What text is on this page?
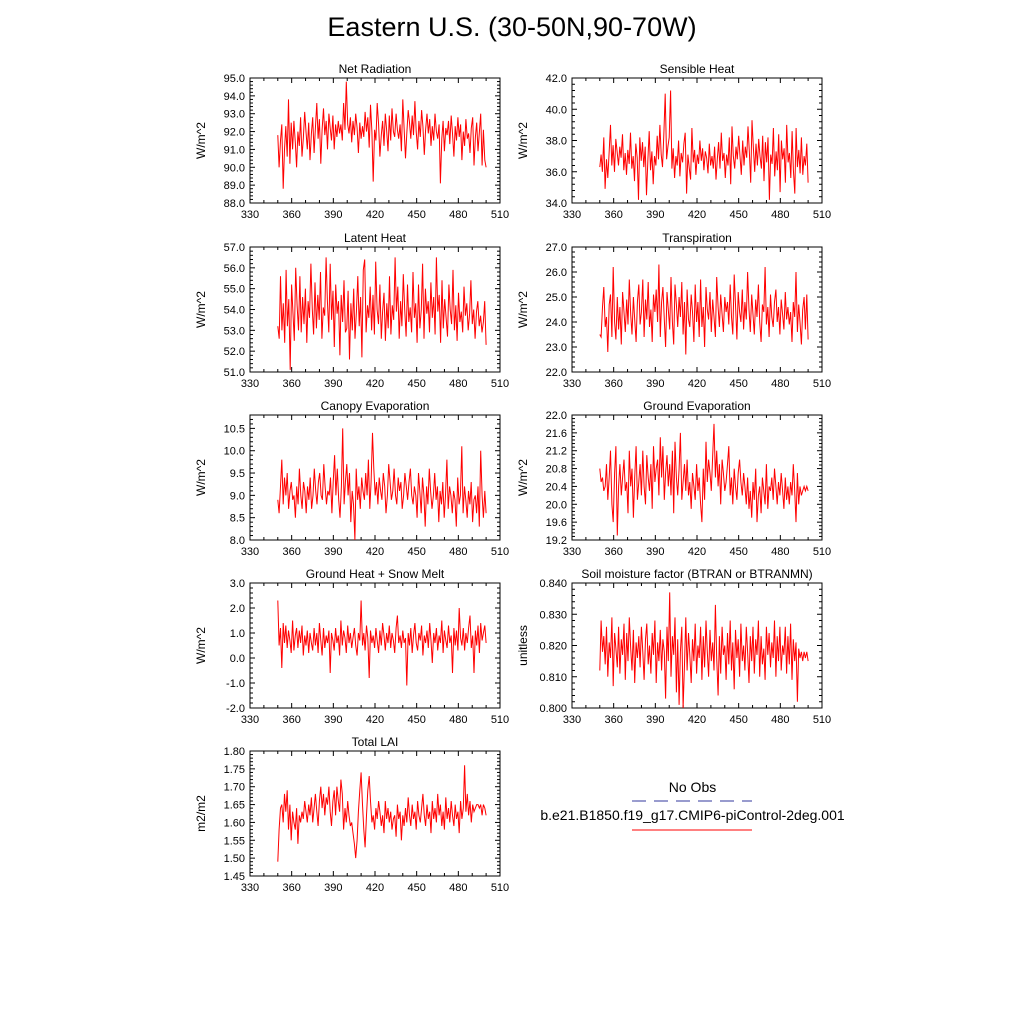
Eastern U.S. (30-50N,90-70W)
Net Radiation
330 360 390 420 450 480 510
88.0
89.0
90.0
91.0
92.0
93.0
94.0
95.0
W/m^2
Sensible Heat
330 360 390 420 450 480 510
34.0
36.0
38.0
40.0
42.0
W/m^2
Latent Heat
330 360 390 420 450 480 510
51.0
52.0
53.0
54.0
55.0
56.0
57.0
W/m^2
Transpiration
330 360 390 420 450 480 510
22.0
23.0
24.0
25.0
26.0
27.0
W/m^2
Canopy Evaporation
330 360 390 420 450 480 510
8.0
8.5
9.0
9.5
10.0
10.5
W/m^2
Ground Evaporation
330 360 390 420 450 480 510
19.2
19.6
20.0
20.4
20.8
21.2
21.6
22.0
W/m^2
Ground Heat + Snow Melt
330 360 390 420 450 480 510
-2.0
-1.0
0.0
1.0
2.0
3.0
W/m^2
Soil moisture factor (BTRAN or BTRANMN)
330 360 390 420 450 480 510
0.800
0.810
0.820
0.830
0.840
unitless
Total LAI
330 360 390 420 450 480 510
1.45
1.50
1.55
1.60
1.65
1.70
1.75
1.80
m2/m2
No Obs
b.e21.B1850.f19_g17.CMIP6-piControl-2deg.001
